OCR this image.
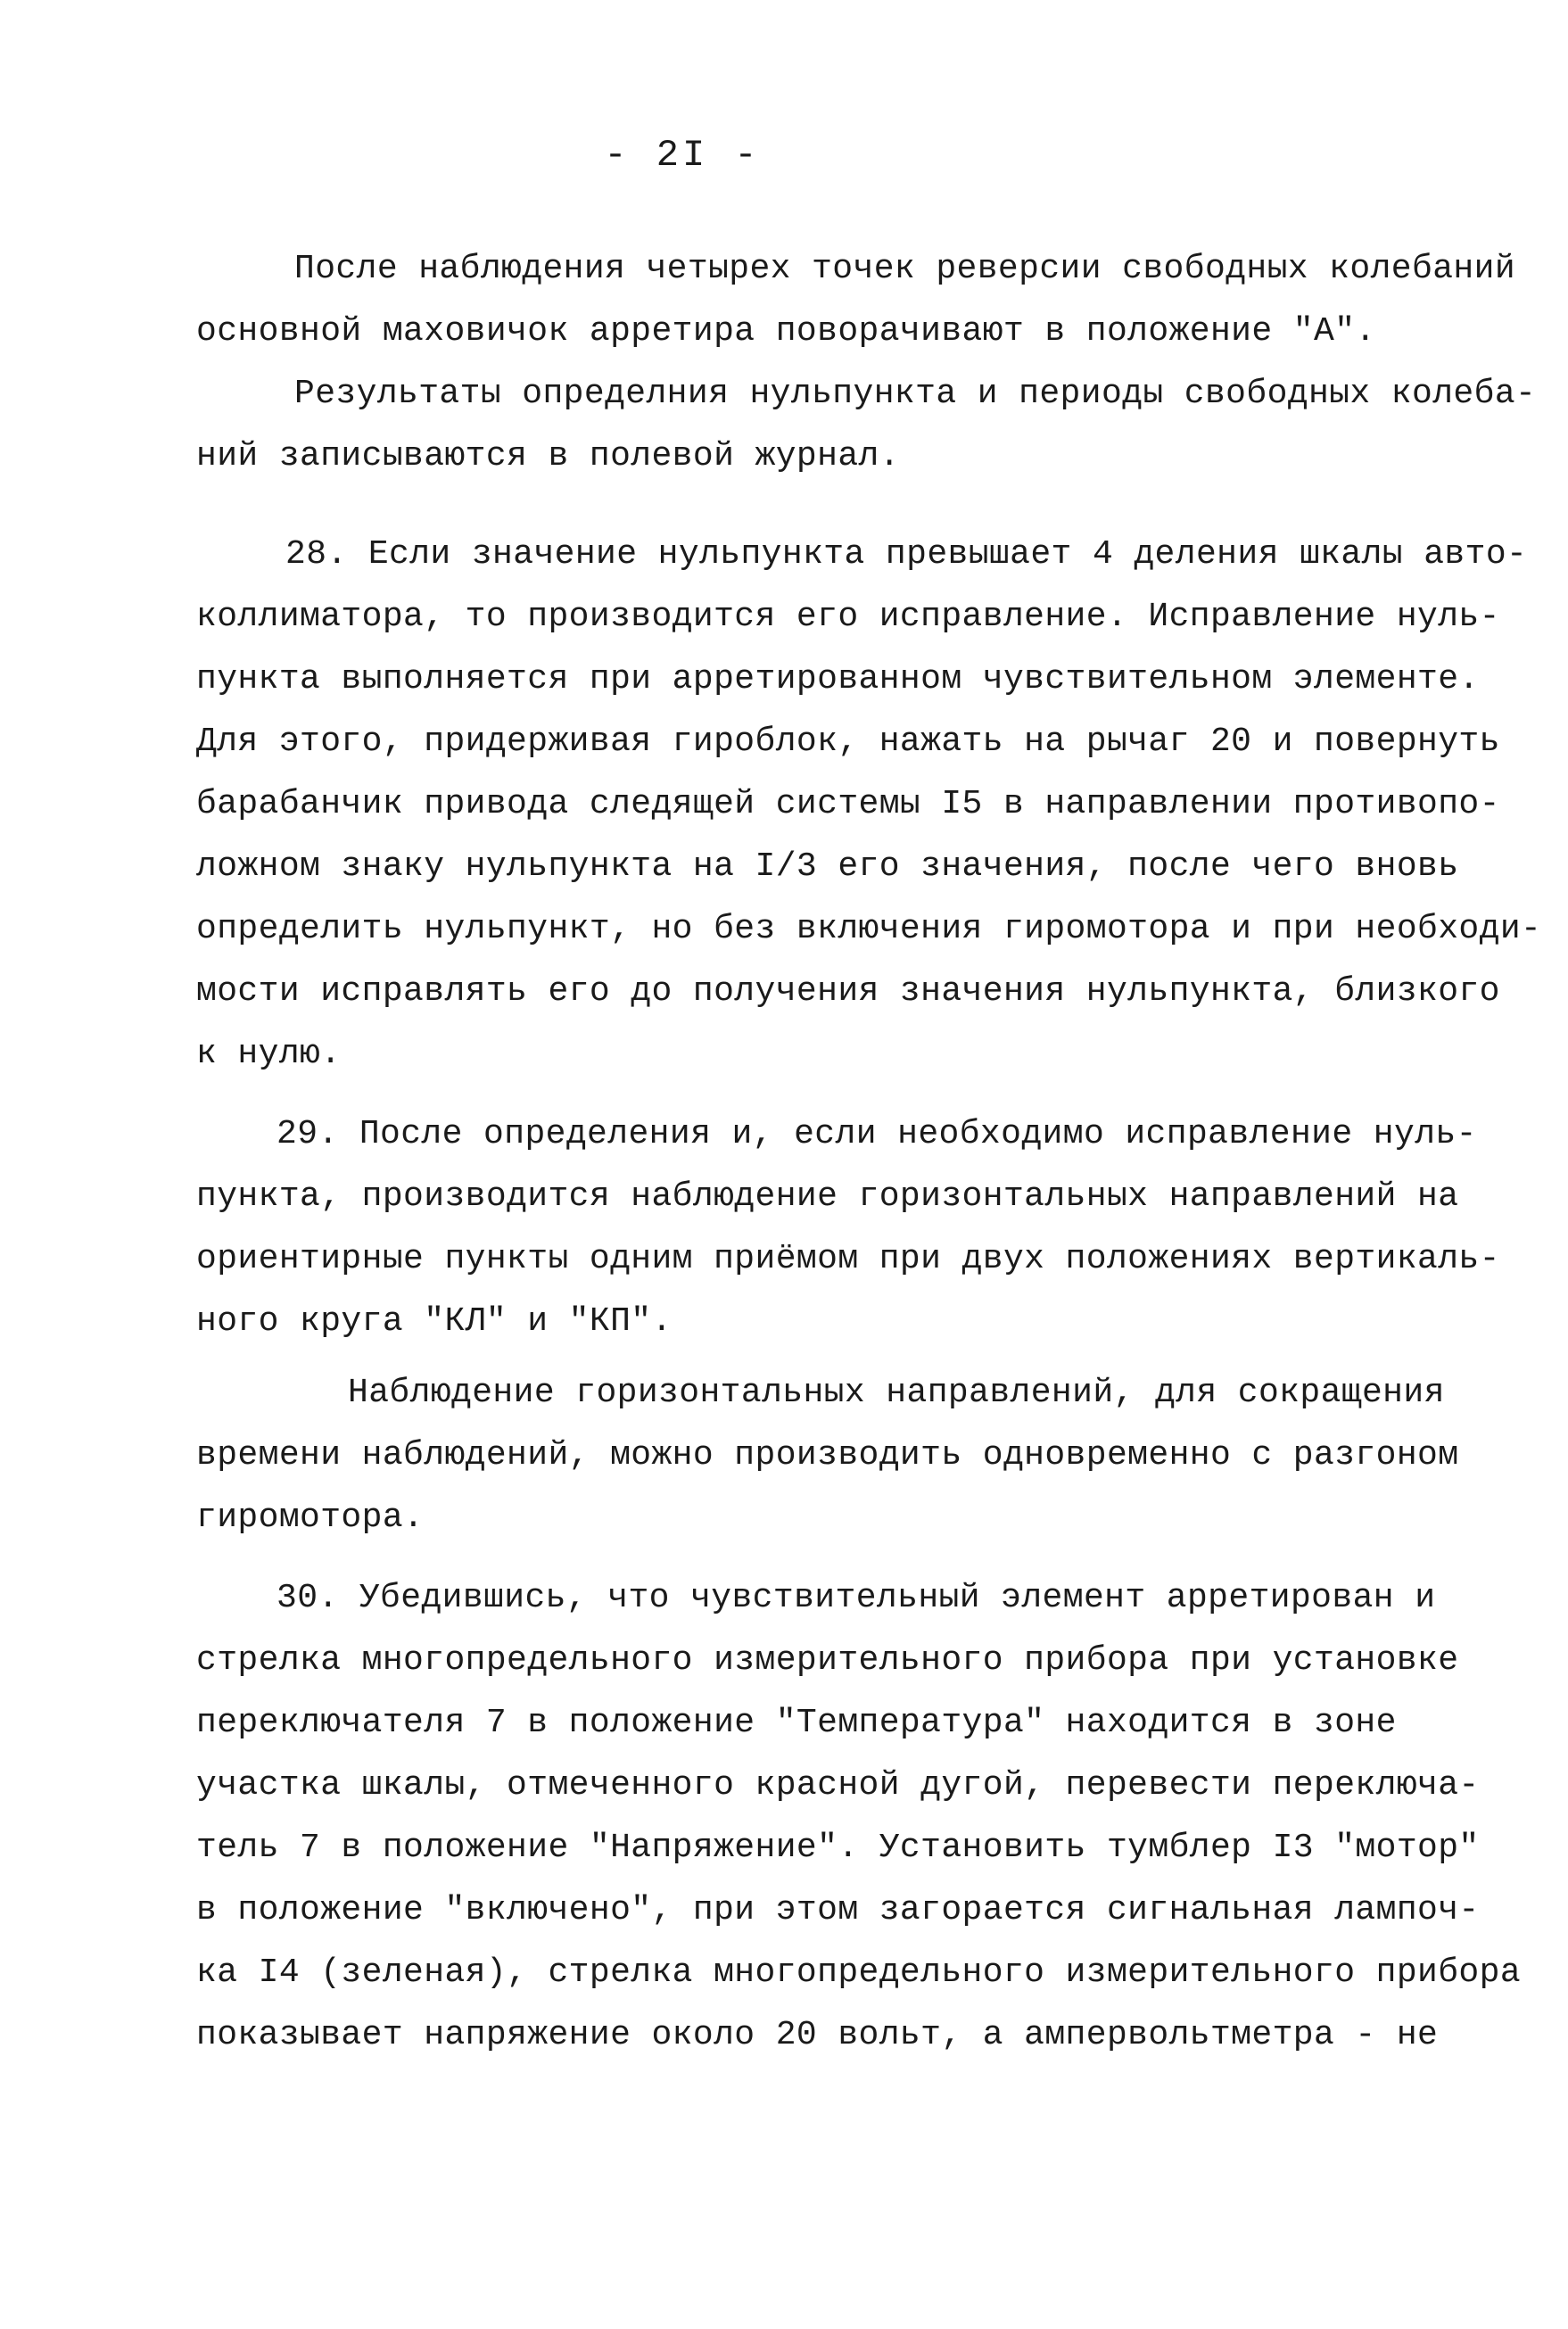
- 2I -
После наблюдения четырех точек реверсии свободных колебаний
основной маховичок арретира поворачивают в положение "А".
Результаты определния нульпункта и периоды свободных колеба-
ний записываются в полевой журнал.
28. Если значение нульпункта превышает 4 деления шкалы авто-
коллиматора, то производится его исправление. Исправление нуль-
пункта выполняется при арретированном чувствительном элементе.
Для этого, придерживая гироблок, нажать на рычаг 20 и повернуть
барабанчик привода следящей системы I5 в направлении противопо-
ложном знаку нульпункта на I/3 его значения, после чего вновь
определить нульпункт, но без включения гиромотора и при необходи-
мости исправлять его до получения значения нульпункта, близкого
к нулю.
29. После определения и, если необходимо исправление нуль-
пункта, производится наблюдение горизонтальных направлений на
ориентирные пункты одним приёмом при двух положениях вертикаль-
ного круга "КЛ" и "КП".
Наблюдение горизонтальных направлений, для сокращения
времени наблюдений, можно производить одновременно с разгоном
гиромотора.
30. Убедившись, что чувствительный элемент арретирован и
стрелка многопредельного измерительного прибора при установке
переключателя 7 в положение "Температура" находится в зоне
участка шкалы, отмеченного красной дугой, перевести переключа-
тель 7 в положение "Напряжение". Установить тумблер I3 "мотор"
в положение "включено", при этом загорается сигнальная лампоч-
ка I4 (зеленая), стрелка многопредельного измерительного прибора
показывает напряжение около 20 вольт, а ампервольтметра - не
